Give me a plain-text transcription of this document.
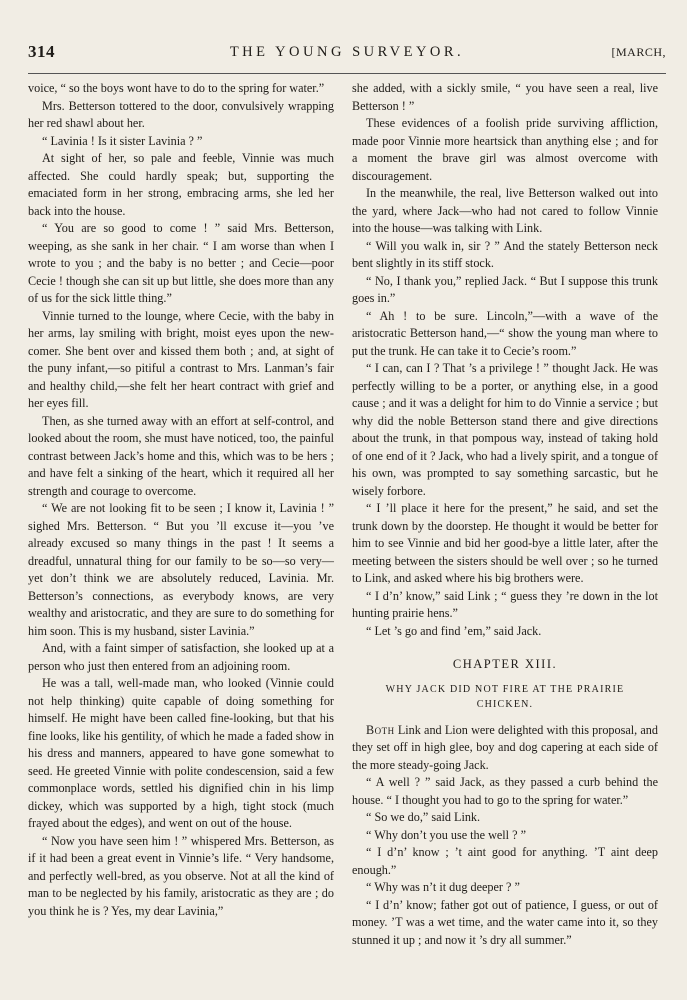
314	THE YOUNG SURVEYOR.	[MARCH,

voice, “ so the boys wont have to do to the spring for water.”

Mrs. Betterson tottered to the door, convulsively wrapping her red shawl about her.

“ Lavinia ! Is it sister Lavinia ? ”

At sight of her, so pale and feeble, Vinnie was much affected. She could hardly speak; but, supporting the emaciated form in her strong, embracing arms, she led her back into the house.

“ You are so good to come ! ” said Mrs. Betterson, weeping, as she sank in her chair. “ I am worse than when I wrote to you ; and the baby is no better ; and Cecie—poor Cecie ! though she can sit up but little, she does more than any of us for the sick little thing.”

Vinnie turned to the lounge, where Cecie, with the baby in her arms, lay smiling with bright, moist eyes upon the new-comer. She bent over and kissed them both ; and, at sight of the puny infant,—so pitiful a contrast to Mrs. Lanman’s fair and healthy child,—she felt her heart contract with grief and her eyes fill.

Then, as she turned away with an effort at self-control, and looked about the room, she must have noticed, too, the painful contrast between Jack’s home and this, which was to be hers ; and have felt a sinking of the heart, which it required all her strength and courage to overcome.

“ We are not looking fit to be seen ; I know it, Lavinia ! ” sighed Mrs. Betterson. “ But you ’ll excuse it—you ’ve already excused so many things in the past ! It seems a dreadful, unnatural thing for our family to be so—so very—yet don’t think we are absolutely reduced, Lavinia. Mr. Betterson’s connections, as everybody knows, are very wealthy and aristocratic, and they are sure to do something for him soon. This is my husband, sister Lavinia.”

And, with a faint simper of satisfaction, she looked up at a person who just then entered from an adjoining room.

He was a tall, well-made man, who looked (Vinnie could not help thinking) quite capable of doing something for himself. He might have been called fine-looking, but that his fine looks, like his gentility, of which he made a faded show in his dress and manners, appeared to have gone somewhat to seed. He greeted Vinnie with polite condescension, said a few commonplace words, settled his dignified chin in his limp dickey, which was supported by a high, tight stock (much frayed about the edges), and went on out of the house.

“ Now you have seen him ! ” whispered Mrs. Betterson, as if it had been a great event in Vinnie’s life. “ Very handsome, and perfectly well-bred, as you observe. Not at all the kind of man to be neglected by his family, aristocratic as they are ; do you think he is ? Yes, my dear Lavinia,”

she added, with a sickly smile, “ you have seen a real, live Betterson ! ”

These evidences of a foolish pride surviving affliction, made poor Vinnie more heartsick than anything else ; and for a moment the brave girl was almost overcome with discouragement.

In the meanwhile, the real, live Betterson walked out into the yard, where Jack—who had not cared to follow Vinnie into the house—was talking with Link.

“ Will you walk in, sir ? ” And the stately Betterson neck bent slightly in its stiff stock.

“ No, I thank you,” replied Jack. “ But I suppose this trunk goes in.”

“ Ah ! to be sure. Lincoln,”—with a wave of the aristocratic Betterson hand,—“ show the young man where to put the trunk. He can take it to Cecie’s room.”

“ I can, can I ? That ’s a privilege ! ” thought Jack. He was perfectly willing to be a porter, or anything else, in a good cause ; and it was a delight for him to do Vinnie a service ; but why did the noble Betterson stand there and give directions about the trunk, in that pompous way, instead of taking hold of one end of it ? Jack, who had a lively spirit, and a tongue of his own, was prompted to say something sarcastic, but he wisely forbore.

“ I ’ll place it here for the present,” he said, and set the trunk down by the doorstep. He thought it would be better for him to see Vinnie and bid her good-bye a little later, after the meeting between the sisters should be well over ; so he turned to Link, and asked where his big brothers were.

“ I d’n’ know,” said Link ; “ guess they ’re down in the lot hunting prairie hens.”

“ Let ’s go and find ’em,” said Jack.

CHAPTER XIII.
WHY JACK DID NOT FIRE AT THE PRAIRIE CHICKEN.

Both Link and Lion were delighted with this proposal, and they set off in high glee, boy and dog capering at each side of the more steady-going Jack.

“ A well ? ” said Jack, as they passed a curb behind the house. “ I thought you had to go to the spring for water.”

“ So we do,” said Link.

“ Why don’t you use the well ? ”

“ I d’n’ know ; ’t aint good for anything. ’T aint deep enough.”

“ Why was n’t it dug deeper ? ”

“ I d’n’ know; father got out of patience, I guess, or out of money. ’T was a wet time, and the water came into it, so they stunned it up ; and now it ’s dry all summer.”
